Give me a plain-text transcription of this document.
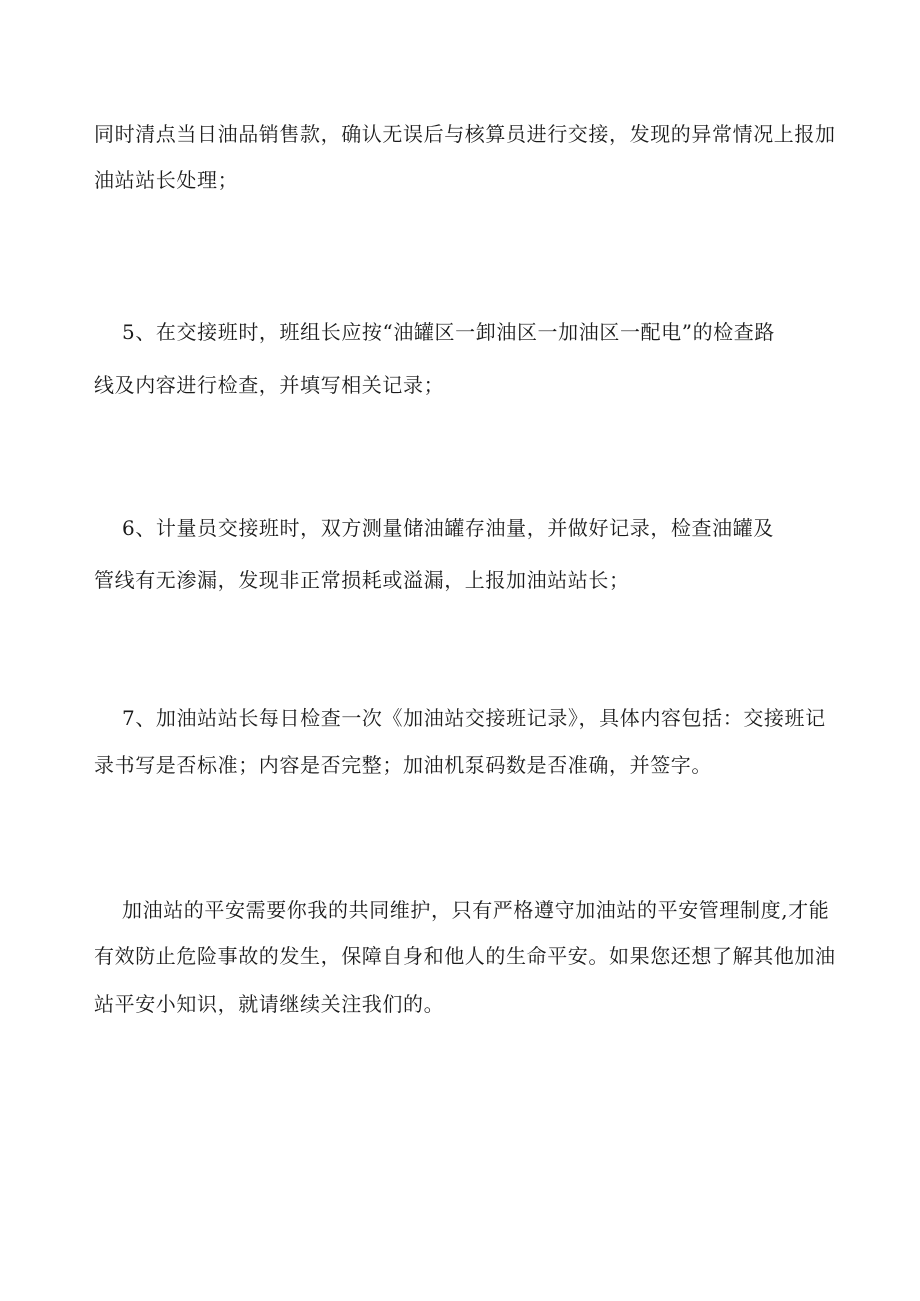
同时清点当日油品销售款，确认无误后与核算员进行交接，发现的异常情况上报加
油站站长处理；
5、在交接班时，班组长应按“油罐区一卸油区一加油区一配电”的检查路
线及内容进行检查，并填写相关记录；
6、计量员交接班时，双方测量储油罐存油量，并做好记录，检查油罐及
管线有无渗漏，发现非正常损耗或溢漏，上报加油站站长；
7、加油站站长每日检查一次《加油站交接班记录》，具体内容包括：交接班记
录书写是否标准；内容是否完整；加油机泵码数是否准确，并签字。
加油站的平安需要你我的共同维护，只有严格遵守加油站的平安管理制度,才能
有效防止危险事故的发生，保障自身和他人的生命平安。如果您还想了解其他加油
站平安小知识，就请继续关注我们的。
